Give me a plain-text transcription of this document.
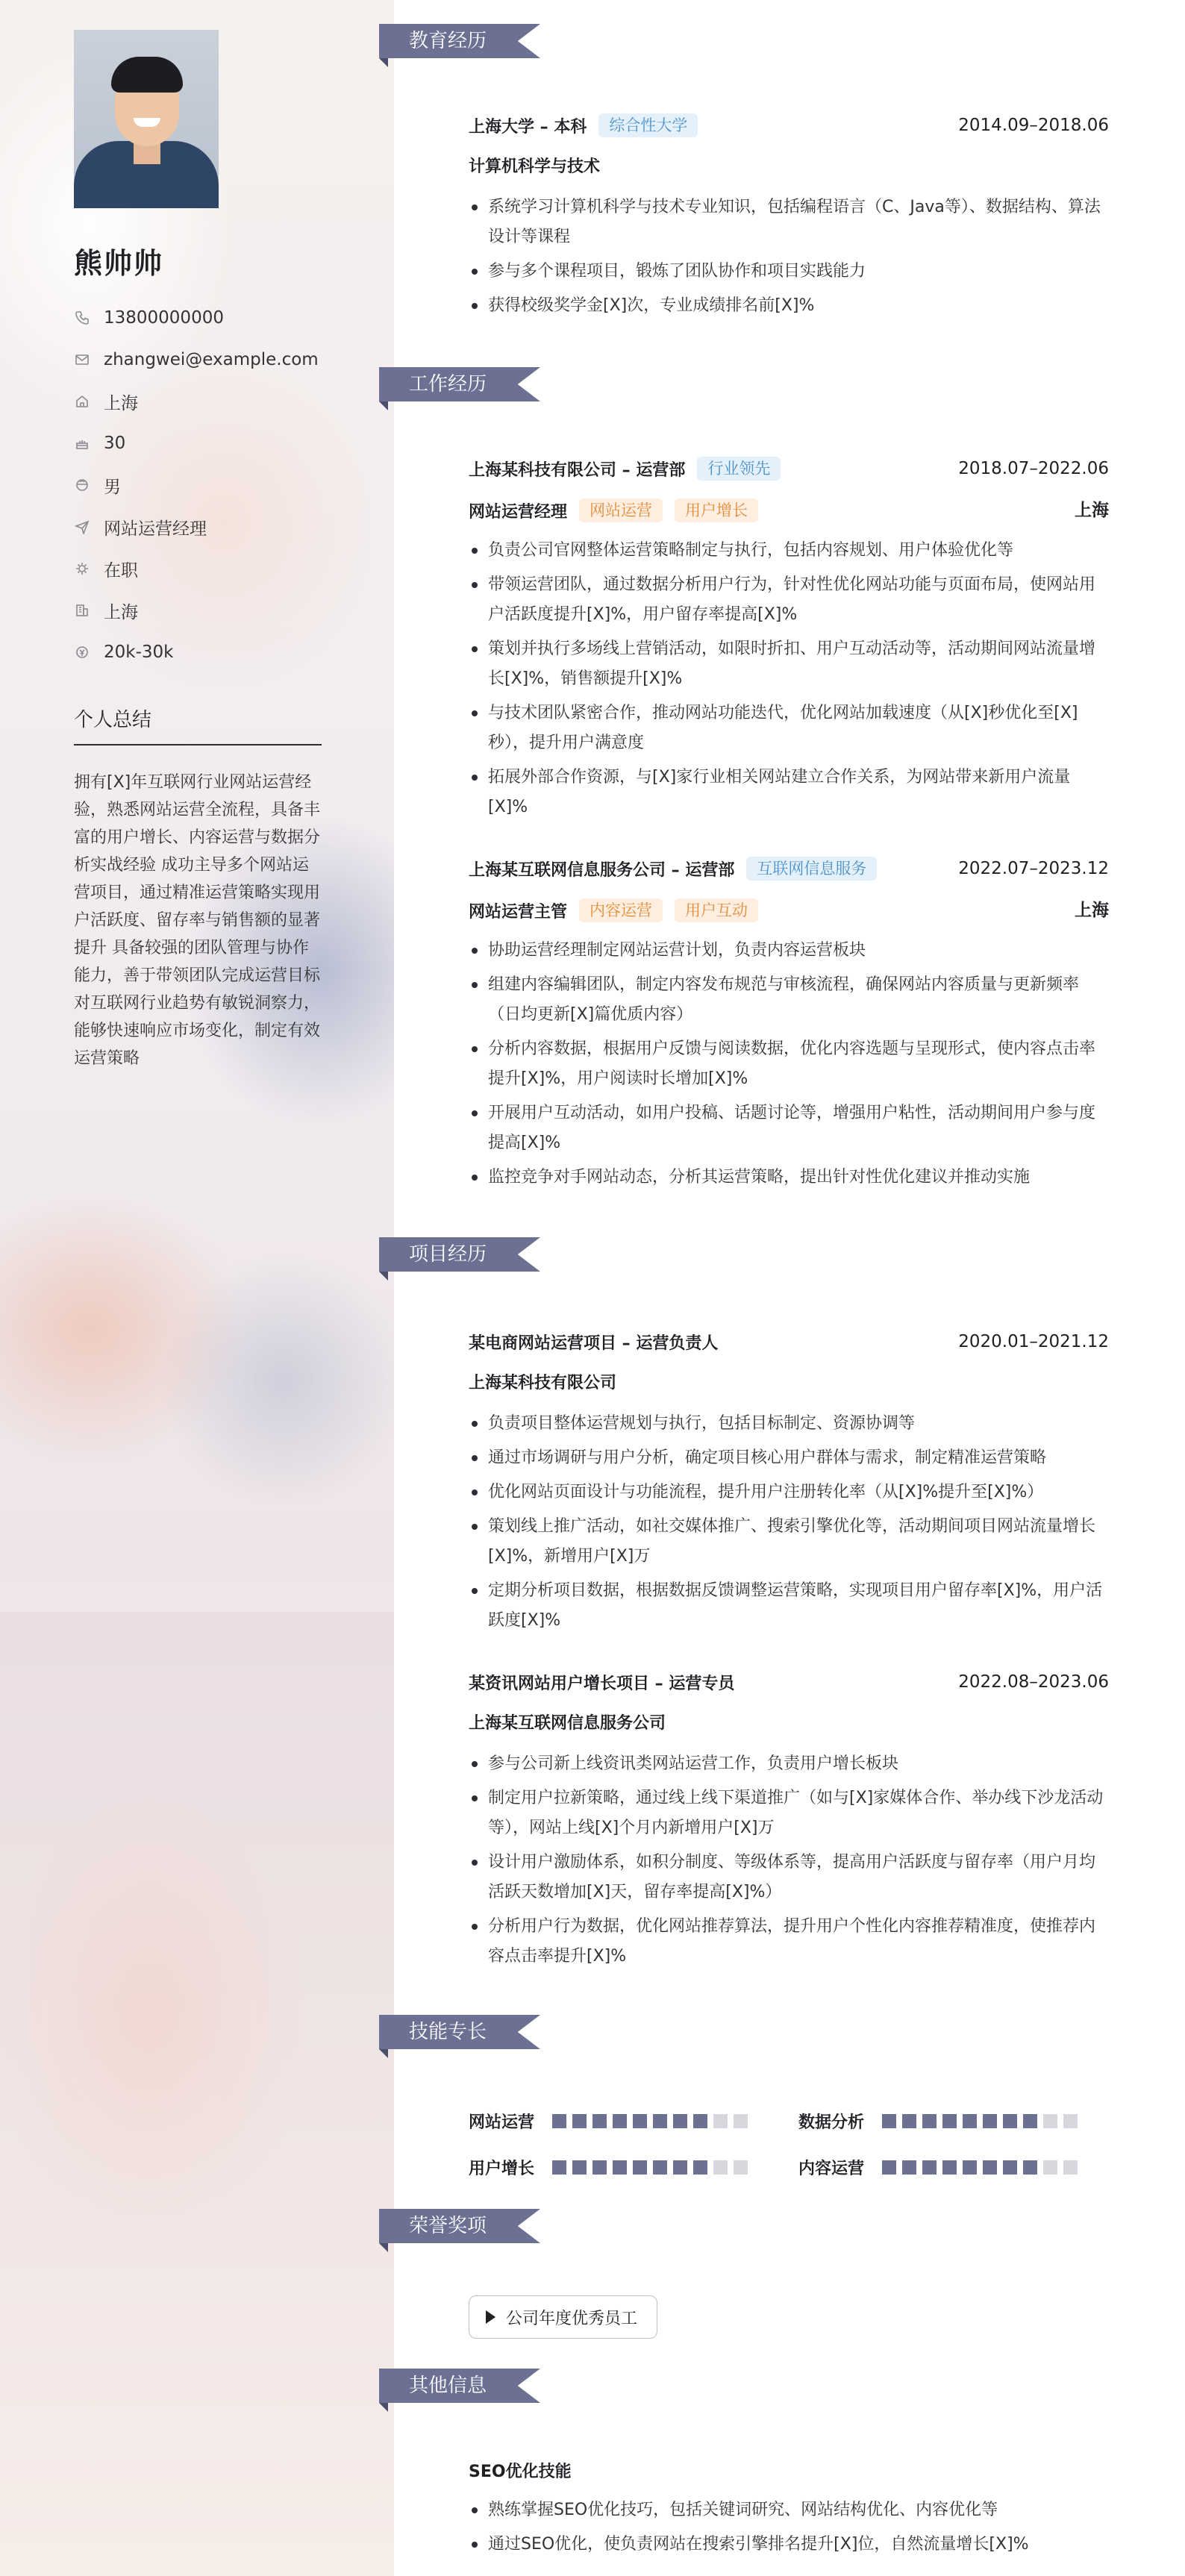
熊帅帅
13800000000
zhangwei@example.com
上海
30
男
网站运营经理
在职
上海
20k-30k
个人总结

拥有[X]年互联网行业网站运营经验，熟悉网站运营全流程，具备丰富的用户增长、内容运营与数据分析实战经验 成功主导多个网站运营项目，通过精准运营策略实现用户活跃度、留存率与销售额的显著提升 具备较强的团队管理与协作能力，善于带领团队完成运营目标 对互联网行业趋势有敏锐洞察力，能够快速响应市场变化，制定有效运营策略

教育经历
上海大学 – 本科	综合性大学	2014.09–2018.06
计算机科学与技术
系统学习计算机科学与技术专业知识，包括编程语言（C、Java等）、数据结构、算法设计等课程
参与多个课程项目，锻炼了团队协作和项目实践能力
获得校级奖学金[X]次，专业成绩排名前[X]%
工作经历
上海某科技有限公司 – 运营部	行业领先	2018.07–2022.06
网站运营经理	网站运营	用户增长	上海
负责公司官网整体运营策略制定与执行，包括内容规划、用户体验优化等
带领运营团队，通过数据分析用户行为，针对性优化网站功能与页面布局，使网站用户活跃度提升[X]%，用户留存率提高[X]%
策划并执行多场线上营销活动，如限时折扣、用户互动活动等，活动期间网站流量增长[X]%，销售额提升[X]%
与技术团队紧密合作，推动网站功能迭代，优化网站加载速度（从[X]秒优化至[X]秒），提升用户满意度
拓展外部合作资源，与[X]家行业相关网站建立合作关系，为网站带来新用户流量[X]%
上海某互联网信息服务公司 – 运营部	互联网信息服务	2022.07–2023.12
网站运营主管	内容运营	用户互动	上海
协助运营经理制定网站运营计划，负责内容运营板块
组建内容编辑团队，制定内容发布规范与审核流程，确保网站内容质量与更新频率（日均更新[X]篇优质内容）
分析内容数据，根据用户反馈与阅读数据，优化内容选题与呈现形式，使内容点击率提升[X]%，用户阅读时长增加[X]%
开展用户互动活动，如用户投稿、话题讨论等，增强用户粘性，活动期间用户参与度提高[X]%
监控竞争对手网站动态，分析其运营策略，提出针对性优化建议并推动实施
项目经历
某电商网站运营项目 – 运营负责人	2020.01–2021.12
上海某科技有限公司
负责项目整体运营规划与执行，包括目标制定、资源协调等
通过市场调研与用户分析，确定项目核心用户群体与需求，制定精准运营策略
优化网站页面设计与功能流程，提升用户注册转化率（从[X]%提升至[X]%）
策划线上推广活动，如社交媒体推广、搜索引擎优化等，活动期间项目网站流量增长[X]%，新增用户[X]万
定期分析项目数据，根据数据反馈调整运营策略，实现项目用户留存率[X]%，用户活跃度[X]%
某资讯网站用户增长项目 – 运营专员	2022.08–2023.06
上海某互联网信息服务公司
参与公司新上线资讯类网站运营工作，负责用户增长板块
制定用户拉新策略，通过线上线下渠道推广（如与[X]家媒体合作、举办线下沙龙活动等），网站上线[X]个月内新增用户[X]万
设计用户激励体系，如积分制度、等级体系等，提高用户活跃度与留存率（用户月均活跃天数增加[X]天，留存率提高[X]%）
分析用户行为数据，优化网站推荐算法，提升用户个性化内容推荐精准度，使推荐内容点击率提升[X]%
技能专长
网站运营	数据分析
用户增长	内容运营
荣誉奖项
公司年度优秀员工
其他信息
SEO优化技能
熟练掌握SEO优化技巧，包括关键词研究、网站结构优化、内容优化等
通过SEO优化，使负责网站在搜索引擎排名提升[X]位，自然流量增长[X]%
